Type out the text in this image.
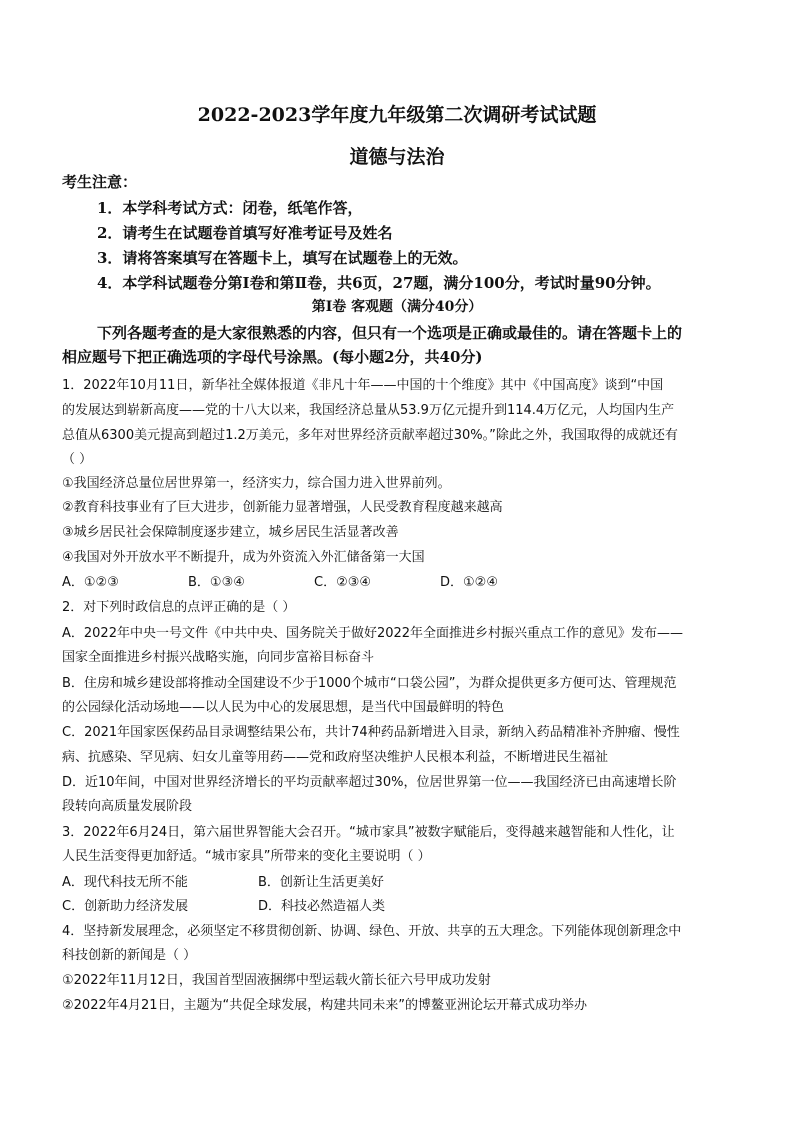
2022-2023学年度九年级第二次调研考试试题
道德与法治
考生注意：
1．本学科考试方式：闭卷，纸笔作答，
2．请考生在试题卷首填写好准考证号及姓名
3．请将答案填写在答题卡上，填写在试题卷上的无效。
4．本学科试题卷分第Ⅰ卷和第Ⅱ卷，共6页，27题，满分100分，考试时量90分钟。
第Ⅰ卷 客观题（满分40分）
下列各题考查的是大家很熟悉的内容，但只有一个选项是正确或最佳的。请在答题卡上的
相应题号下把正确选项的字母代号涂黑。(每小题2分，共40分)
1．2022年10月11日，新华社全媒体报道《非凡十年——中国的十个维度》其中《中国高度》谈到“中国
的发展达到崭新高度——党的十八大以来，我国经济总量从53.9万亿元提升到114.4万亿元，人均国内生产
总值从6300美元提高到超过1.2万美元，多年对世界经济贡献率超过30%。”除此之外，我国取得的成就还有
（ ）
①我国经济总量位居世界第一，经济实力，综合国力进入世界前列。
②教育科技事业有了巨大进步，创新能力显著增强，人民受教育程度越来越高
③城乡居民社会保障制度逐步建立，城乡居民生活显著改善
④我国对外开放水平不断提升，成为外资流入外汇储备第一大国
A．①②③	B．①③④	C．②③④	D．①②④
2．对下列时政信息的点评正确的是（ ）
A．2022年中央一号文件《中共中央、国务院关于做好2022年全面推进乡村振兴重点工作的意见》发布——
国家全面推进乡村振兴战略实施，向同步富裕目标奋斗
B．住房和城乡建设部将推动全国建设不少于1000个城市“口袋公园”，为群众提供更多方便可达、管理规范
的公园绿化活动场地——以人民为中心的发展思想，是当代中国最鲜明的特色
C．2021年国家医保药品目录调整结果公布，共计74种药品新增进入目录，新纳入药品精准补齐肿瘤、慢性
病、抗感染、罕见病、妇女儿童等用药——党和政府坚决维护人民根本利益，不断增进民生福祉
D．近10年间，中国对世界经济增长的平均贡献率超过30%，位居世界第一位——我国经济已由高速增长阶
段转向高质量发展阶段
3．2022年6月24日，第六届世界智能大会召开。“城市家具”被数字赋能后，变得越来越智能和人性化，让
人民生活变得更加舒适。“城市家具”所带来的变化主要说明（ ）
A．现代科技无所不能	B．创新让生活更美好
C．创新助力经济发展	D．科技必然造福人类
4．坚持新发展理念，必须坚定不移贯彻创新、协调、绿色、开放、共享的五大理念。下列能体现创新理念中
科技创新的新闻是（ ）
①2022年11月12日，我国首型固液捆绑中型运载火箭长征六号甲成功发射
②2022年4月21日，主题为“共促全球发展，构建共同未来”的博鳌亚洲论坛开幕式成功举办
